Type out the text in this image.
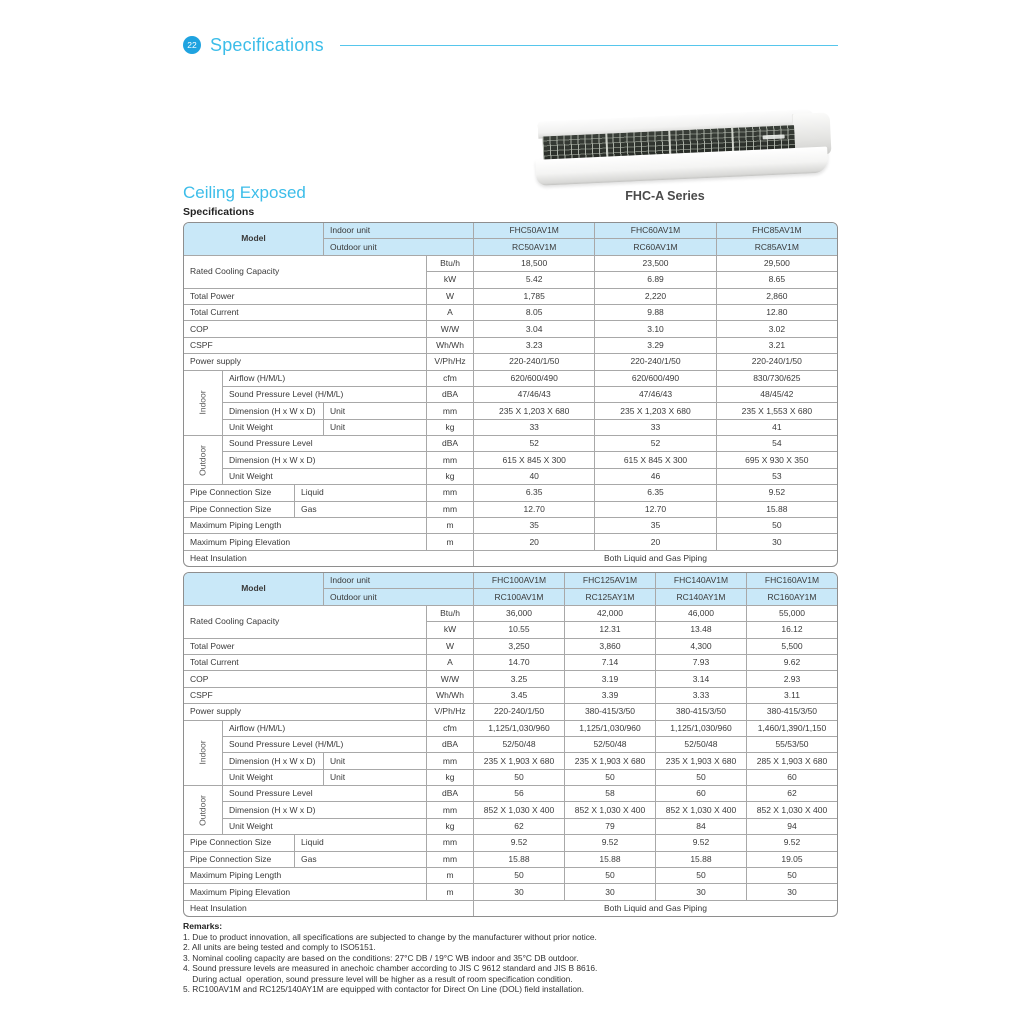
22 Specifications
FHC-A Series
Ceiling Exposed
Specifications
Model			Indoor unit		FHC50AV1M	FHC60AV1M	FHC85AV1M
			Outdoor unit		RC50AV1M	RC60AV1M	RC85AV1M
Rated Cooling Capacity				Btu/h	18,500	23,500	29,500
				kW	5.42	6.89	8.65
Total Power				W	1,785	2,220	2,860
Total Current				A	8.05	9.88	12.80
COP				W/W	3.04	3.10	3.02
CSPF				Wh/Wh	3.23	3.29	3.21
Power supply				V/Ph/Hz	220-240/1/50	220-240/1/50	220-240/1/50

Indoor	Airflow (H/M/L)			cfm	620/600/490	620/600/490	830/730/625
	Sound Pressure Level (H/M/L)			dBA	47/46/43	47/46/43	48/45/42
	Dimension (H x W x D)		Unit	mm	235 X 1,203 X 680	235 X 1,203 X 680	235 X 1,553 X 680
	Unit Weight		Unit	kg	33	33	41

Outdoor	Sound Pressure Level			dBA	52	52	54
	Dimension (H x W x D)			mm	615 X 845 X 300	615 X 845 X 300	695 X 930 X 350
	Unit Weight			kg	40	46	53
Pipe Connection Size		Liquid		mm	6.35	6.35	9.52
Pipe Connection Size		Gas		mm	12.70	12.70	15.88
Maximum Piping Length				m	35	35	50
Maximum Piping Elevation				m	20	20	30
Heat Insulation					Both Liquid and Gas Piping		
Model			Indoor unit		FHC100AV1M	FHC125AV1M	FHC140AV1M	FHC160AV1M
			Outdoor unit		RC100AV1M	RC125AY1M	RC140AY1M	RC160AY1M
Rated Cooling Capacity				Btu/h	36,000	42,000	46,000	55,000
				kW	10.55	12.31	13.48	16.12
Total Power				W	3,250	3,860	4,300	5,500
Total Current				A	14.70	7.14	7.93	9.62
COP				W/W	3.25	3.19	3.14	2.93
CSPF				Wh/Wh	3.45	3.39	3.33	3.11
Power supply				V/Ph/Hz	220-240/1/50	380-415/3/50	380-415/3/50	380-415/3/50

Indoor	Airflow (H/M/L)			cfm	1,125/1,030/960	1,125/1,030/960	1,125/1,030/960	1,460/1,390/1,150
	Sound Pressure Level (H/M/L)			dBA	52/50/48	52/50/48	52/50/48	55/53/50
	Dimension (H x W x D)		Unit	mm	235 X 1,903 X 680	235 X 1,903 X 680	235 X 1,903 X 680	285 X 1,903 X 680
	Unit Weight		Unit	kg	50	50	50	60

Outdoor	Sound Pressure Level			dBA	56	58	60	62
	Dimension (H x W x D)			mm	852 X 1,030 X 400	852 X 1,030 X 400	852 X 1,030 X 400	852 X 1,030 X 400
	Unit Weight			kg	62	79	84	94
Pipe Connection Size		Liquid		mm	9.52	9.52	9.52	9.52
Pipe Connection Size		Gas		mm	15.88	15.88	15.88	19.05
Maximum Piping Length				m	50	50	50	50
Maximum Piping Elevation				m	30	30	30	30
Heat Insulation					Both Liquid and Gas Piping			
Remarks:
1. Due to product innovation, all specifications are subjected to change by the manufacturer without prior notice.
2. All units are being tested and comply to ISO5151.
3. Nominal cooling capacity are based on the conditions: 27°C DB / 19°C WB indoor and 35°C DB outdoor.
4. Sound pressure levels are measured in anechoic chamber according to JIS C 9612 standard and JIS B 8616.
During actual  operation, sound pressure level will be higher as a result of room specification condition.
5. RC100AV1M and RC125/140AY1M are equipped with contactor for Direct On Line (DOL) field installation.
